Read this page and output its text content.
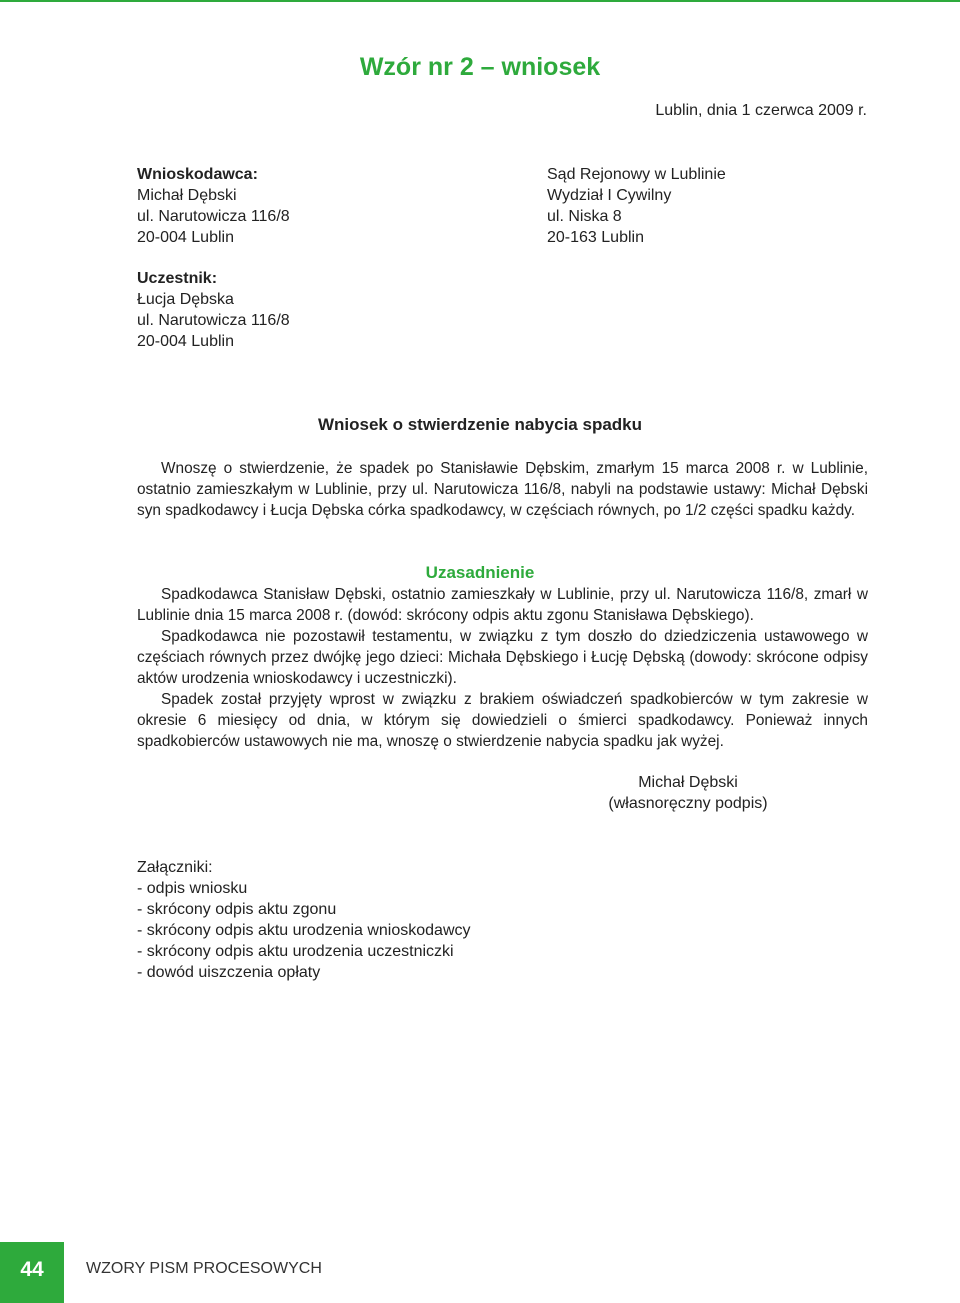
Wzór nr 2 – wniosek
Lublin, dnia 1 czerwca 2009 r.
Wnioskodawca:
Michał Dębski
ul. Narutowicza 116/8
20-004 Lublin
Sąd Rejonowy w Lublinie
Wydział I Cywilny
ul. Niska 8
20-163 Lublin
Uczestnik:
Łucja Dębska
ul. Narutowicza 116/8
20-004 Lublin
Wniosek o stwierdzenie nabycia spadku

Wnoszę o stwierdzenie, że spadek po Stanisławie Dębskim, zmarłym 15 marca 2008 r. w Lublinie, ostatnio zamieszkałym w Lublinie, przy ul. Narutowicza 116/8, nabyli na podstawie ustawy: Michał Dębski syn spadkodawcy i Łucja Dębska córka spadkodawcy, w częściach równych, po 1/2 części spadku każdy.

Uzasadnienie

Spadkodawca Stanisław Dębski, ostatnio zamieszkały w Lublinie, przy ul. Narutowicza 116/8, zmarł w Lublinie dnia 15 marca 2008 r. (dowód: skrócony odpis aktu zgonu Stanisława Dębskiego).

Spadkodawca nie pozostawił testamentu, w związku z tym doszło do dziedziczenia ustawowego w częściach równych przez dwójkę jego dzieci: Michała Dębskiego i Łucję Dębską (dowody: skrócone odpisy aktów urodzenia wnioskodawcy i uczestniczki).

Spadek został przyjęty wprost w związku z brakiem oświadczeń spadkobierców w tym zakresie w okresie 6 miesięcy od dnia, w którym się dowiedzieli o śmierci spadkodawcy. Ponieważ innych spadkobierców ustawowych nie ma, wnoszę o stwierdzenie nabycia spadku jak wyżej.

Michał Dębski
(własnoręczny podpis)
Załączniki:
- odpis wniosku
- skrócony odpis aktu zgonu
- skrócony odpis aktu urodzenia wnioskodawcy
- skrócony odpis aktu urodzenia uczestniczki
- dowód uiszczenia opłaty
44	WZORY PISM PROCESOWYCH
